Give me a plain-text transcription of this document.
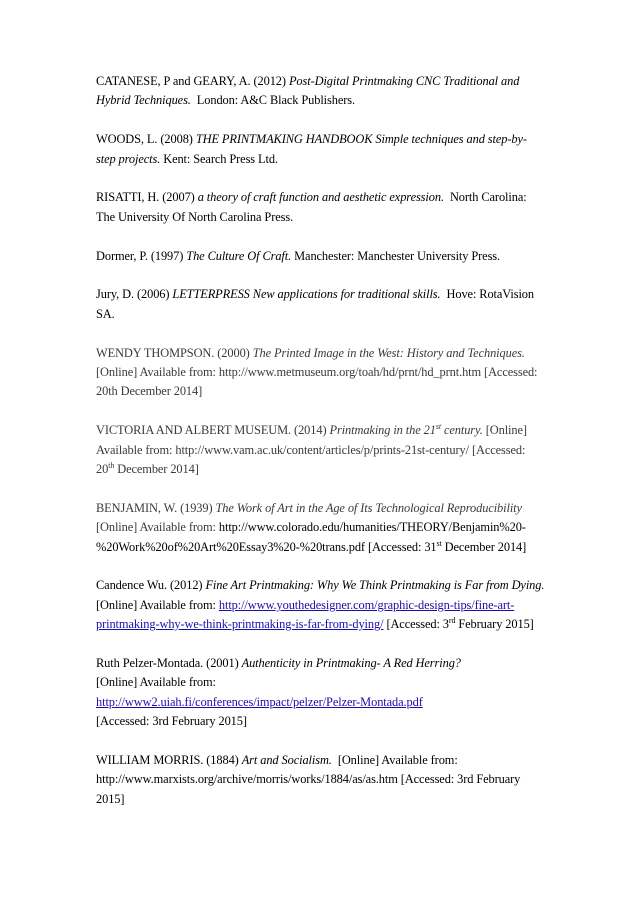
CATANESE, P and GEARY, A. (2012) Post-Digital Printmaking CNC Traditional and Hybrid Techniques. London: A&C Black Publishers.

WOODS, L. (2008) THE PRINTMAKING HANDBOOK Simple techniques and step-by-step projects. Kent: Search Press Ltd.

RISATTI, H. (2007) a theory of craft function and aesthetic expression. North Carolina: The University Of North Carolina Press.

Dormer, P. (1997) The Culture Of Craft. Manchester: Manchester University Press.

Jury, D. (2006) LETTERPRESS New applications for traditional skills. Hove: RotaVision SA.

WENDY THOMPSON. (2000) The Printed Image in the West: History and Techniques. [Online] Available from: http://www.metmuseum.org/toah/hd/prnt/hd_prnt.htm [Accessed: 20th December 2014]

VICTORIA AND ALBERT MUSEUM. (2014) Printmaking in the 21st century. [Online] Available from: http://www.vam.ac.uk/content/articles/p/prints-21st-century/ [Accessed: 20th December 2014]

BENJAMIN, W. (1939) The Work of Art in the Age of Its Technological Reproducibility  [Online] Available from: http://www.colorado.edu/humanities/THEORY/Benjamin%20-%20Work%20of%20Art%20Essay3%20-%20trans.pdf [Accessed: 31st December 2014]

Candence Wu. (2012) Fine Art Printmaking: Why We Think Printmaking is Far from Dying. [Online] Available from: http://www.youthedesigner.com/graphic-design-tips/fine-art-printmaking-why-we-think-printmaking-is-far-from-dying/ [Accessed: 3rd February 2015]

Ruth Pelzer-Montada. (2001) Authenticity in Printmaking- A Red Herring?
[Online] Available from:
http://www2.uiah.fi/conferences/impact/pelzer/Pelzer-Montada.pdf
[Accessed: 3rd February 2015]

WILLIAM MORRIS. (1884) Art and Socialism. [Online] Available from: http://www.marxists.org/archive/morris/works/1884/as/as.htm [Accessed: 3rd February 2015]
